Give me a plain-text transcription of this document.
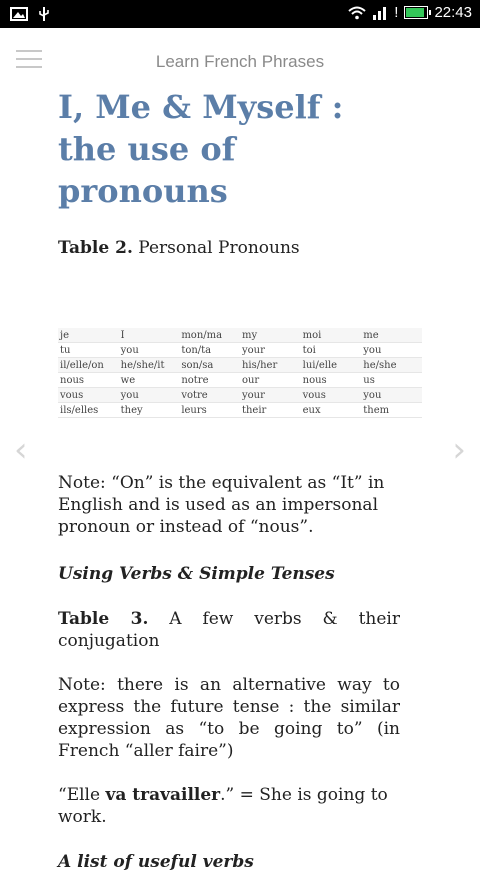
! 22:43
Learn French Phrases
I, Me & Myself : the use of pronouns
Table 2. Personal Pronouns
je	I	mon/ma	my	moi	me
tu	you	ton/ta	your	toi	you
il/elle/on	he/she/it	son/sa	his/her	lui/elle	he/she
nous	we	notre	our	nous	us
vous	you	votre	your	vous	you
ils/elles	they	leurs	their	eux	them

Note: “On” is the equivalent as “It” in English and is used as an impersonal pronoun or instead of “nous”.

Using Verbs & Simple Tenses

Table 3. A few verbs & their conjugation

Note: there is an alternative way to express the future tense : the similar expression as “to be going to” (in French “aller faire”)

“Elle va travailler.” = She is going to work.

A list of useful verbs
‹	›
